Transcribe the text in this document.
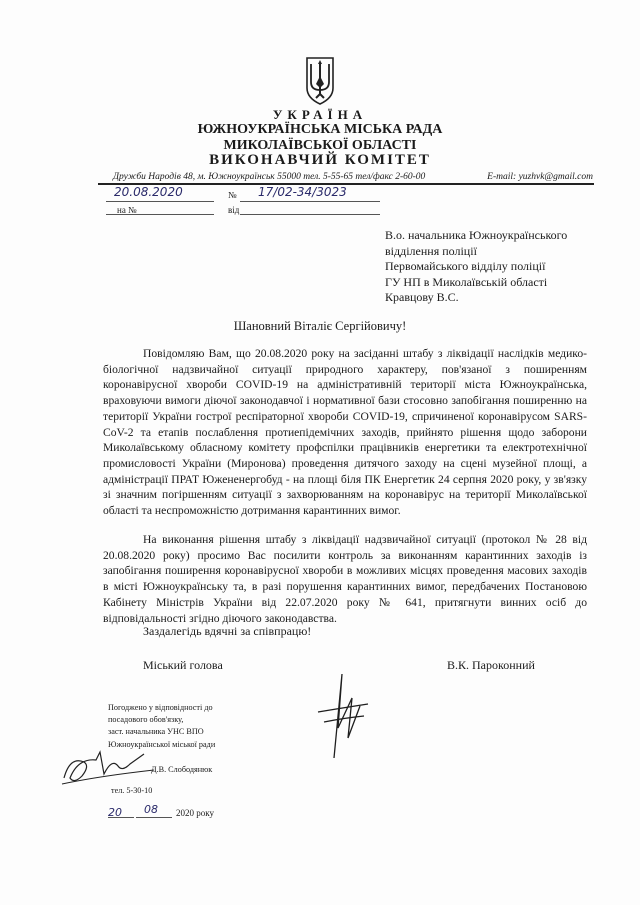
УКРАЇНА
ЮЖНОУКРАЇНСЬКА МІСЬКА РАДА
МИКОЛАЇВСЬКОЇ ОБЛАСТІ
ВИКОНАВЧИЙ КОМІТЕТ
Дружби Народів 48, м. Южноукраїнськ 55000 тел. 5-55-65 тел/факс 2-60-00	E-mail: yuzhvk@gmail.com
20.08.2020	№ 17/02-34/3023
на №	від
В.о. начальника Южноукраїнського
відділення поліції
Первомайського відділу поліції
ГУ НП в Миколаївській області
Кравцову В.С.
Шановний Віталіє Сергійовичу!
Повідомляю Вам, що 20.08.2020 року на засіданні штабу з ліквідації наслідків медико-біологічної надзвичайної ситуації природного характеру, пов'язаної з поширенням коронавірусної хвороби COVID-19 на адміністративній території міста Южноукраїнська, враховуючи вимоги діючої законодавчої і нормативної бази стосовно запобігання поширенню на території України гострої респіраторної хвороби COVID-19, спричиненої коронавірусом SARS-CoV-2 та етапів послаблення протиепідемічних заходів, прийнято рішення щодо заборони Миколаївському обласному комітету профспілки працівників енергетики та електротехнічної промисловості України (Миронова) проведення дитячого заходу на сцені музейної площі, а адміністрації ПРАТ Южененергобуд - на площі біля ПК Енергетик 24 серпня 2020 року, у зв'язку зі значним погіршенням ситуації з захворюванням на коронавірус на території Миколаївської області та неспроможністю дотримання карантинних вимог.
На виконання рішення штабу з ліквідації надзвичайної ситуації (протокол № 28 від 20.08.2020 року) просимо Вас посилити контроль за виконанням карантинних заходів із запобігання поширення коронавірусної хвороби в можливих місцях проведення масових заходів в місті Южноукраїнську та, в разі порушення карантинних вимог, передбачених Постановою Кабінету Міністрів України від 22.07.2020 року № 641, притягнути винних осіб до відповідальності згідно діючого законодавства.
Заздалегідь вдячні за співпрацю!
Міський голова	В.К. Пароконний
Погоджено у відповідності до
посадового обов'язку,
заст. начальника УНС ВПО
Южноукраїнської міської ради
Д.В. Слободянюк
тел. 5-30-10
20 08 2020 року
